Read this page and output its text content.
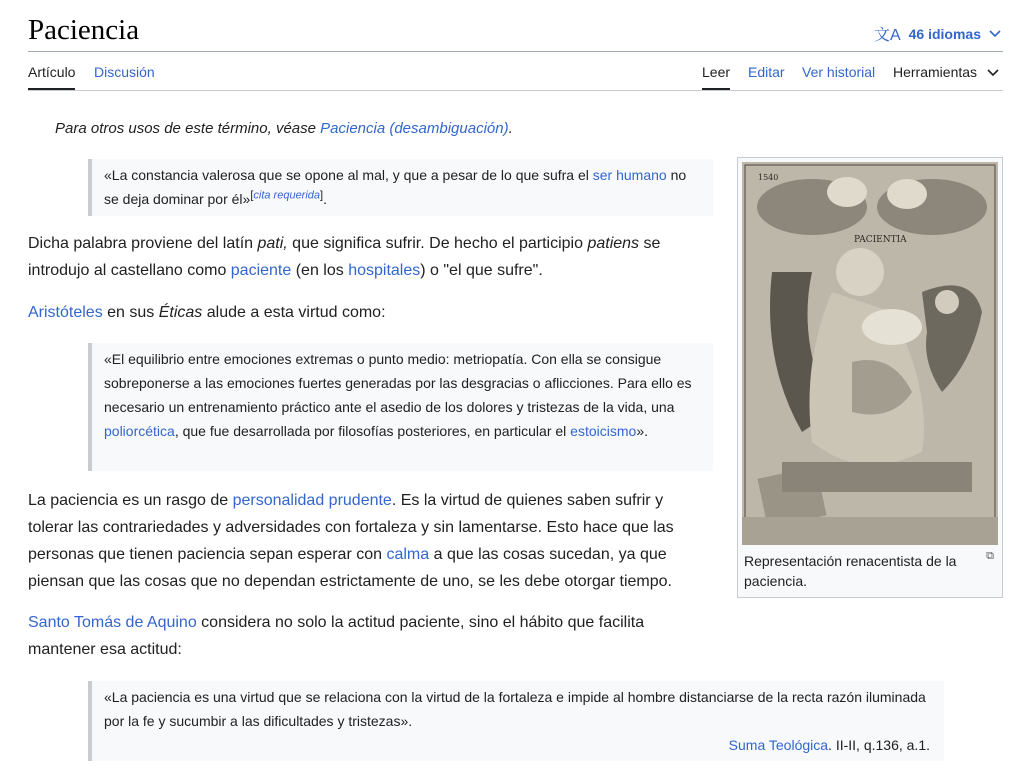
Paciencia	文A 46 idiomas
Artículo Discusión	Leer Editar Ver historial Herramientas
Para otros usos de este término, véase Paciencia (desambiguación).
«La constancia valerosa que se opone al mal, y que a pesar de lo que sufra el ser humano no se deja dominar por él»[cita requerida].
Dicha palabra proviene del latín pati, que significa sufrir. De hecho el participio patiens se introdujo al castellano como paciente (en los hospitales) o "el que sufre".
Aristóteles en sus Éticas alude a esta virtud como:
«El equilibrio entre emociones extremas o punto medio: metriopatía. Con ella se consigue sobreponerse a las emociones fuertes generadas por las desgracias o aflicciones. Para ello es necesario un entrenamiento práctico ante el asedio de los dolores y tristezas de la vida, una poliorcética, que fue desarrollada por filosofías posteriores, en particular el estoicismo».
La paciencia es un rasgo de personalidad prudente. Es la virtud de quienes saben sufrir y tolerar las contrariedades y adversidades con fortaleza y sin lamentarse. Esto hace que las personas que tienen paciencia sepan esperar con calma a que las cosas sucedan, ya que piensan que las cosas que no dependan estrictamente de uno, se les debe otorgar tiempo.
Santo Tomás de Aquino considera no solo la actitud paciente, sino el hábito que facilita mantener esa actitud:
«La paciencia es una virtud que se relaciona con la virtud de la fortaleza e impide al hombre distanciarse de la recta razón iluminada por la fe y sucumbir a las dificultades y tristezas».
Suma Teológica. II-II, q.136, a.1.
PACIENTIA
1540
Representación renacentista de la paciencia.
⧉
